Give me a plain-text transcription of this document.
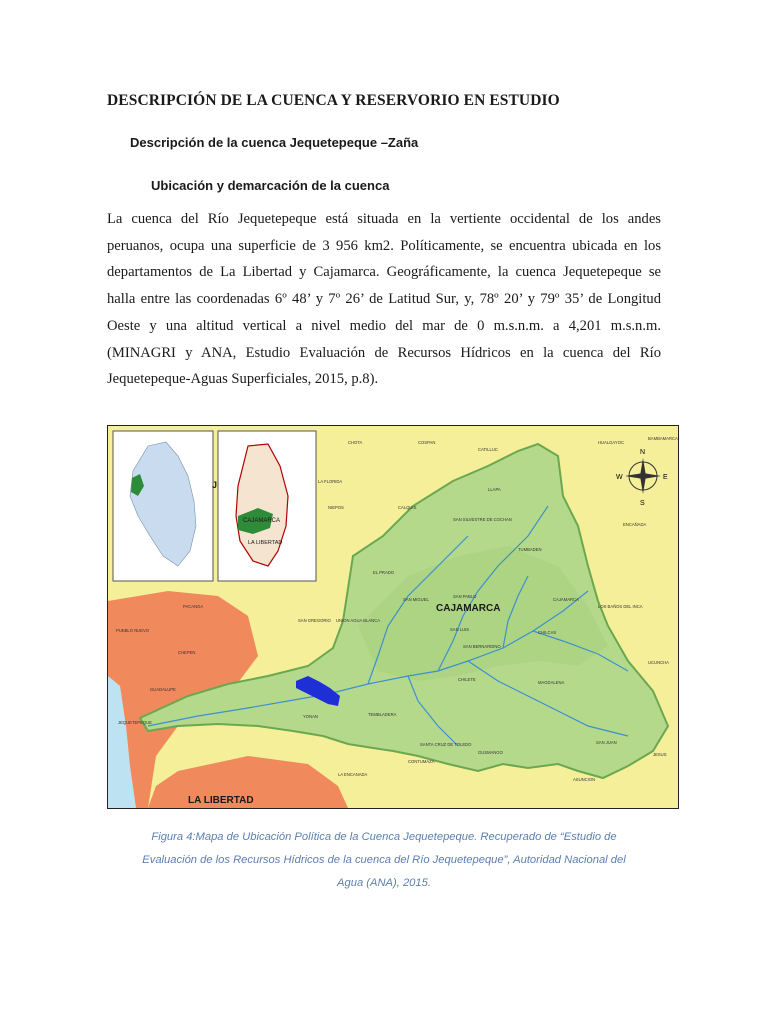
DESCRIPCIÓN DE LA CUENCA Y RESERVORIO EN ESTUDIO
Descripción de la cuenca Jequetepeque –Zaña
Ubicación y demarcación de la cuenca
La cuenca del Río Jequetepeque está situada en la vertiente occidental de los andes
peruanos, ocupa una superficie de 3 956 km2. Políticamente, se encuentra ubicada en los
departamentos de La Libertad y Cajamarca. Geográficamente, la cuenca Jequetepeque se
halla entre las coordenadas 6º 48’ y 7º 26’ de Latitud Sur, y, 78º 20’ y 79º 35’ de Longitud
Oeste y una altitud vertical a nivel medio del mar de 0 m.s.n.m. a 4,201 m.s.n.m.
(MINAGRI y ANA, Estudio Evaluación de Recursos Hídricos en la cuenca del Río
Jequetepeque-Aguas Superficiales, 2015, p.8).
CAJAMARCA
LA LIBERTAD
J
N
S
E
W
CAJAMARCA
LA LIBERTAD
CHOTA	COSPAN
CATILLUC
HUALGAYOC
BAMBAMARCA
LA FLORIDA
LLAPA
CALQUIS
NIEPOS
SAN SILVESTRE DE COCHAN
TUMBADEN
ENCAÑADA
EL PRADO
SAN MIGUEL
SAN PABLO
CAJAMARCA
LOS BAÑOS DEL INCA
SAN GREGORIO UNION AGUA BLANCA
SAN LUIS
CHILCAS
SAN BERNARDINO
UCUNCHA
PUEBLO NUEVO
PACANGA
CHEPEN
CHILETE
MAGDALENA
YONAN	TEMBLADERA
GUADALUPE
JEQUETEPEQUE
SANTA CRUZ DE TOLEDO
GUSMANGO
CONTUMAZA
SAN JUAN
JESUS
ASUNCION
LA ENCANADA
Figura 4:Mapa de Ubicación Política de la Cuenca Jequetepeque. Recuperado de “Estudio de
Evaluación de los Recursos Hídricos de la cuenca del Río Jequetepeque”, Autoridad Nacional del
Agua (ANA), 2015.
